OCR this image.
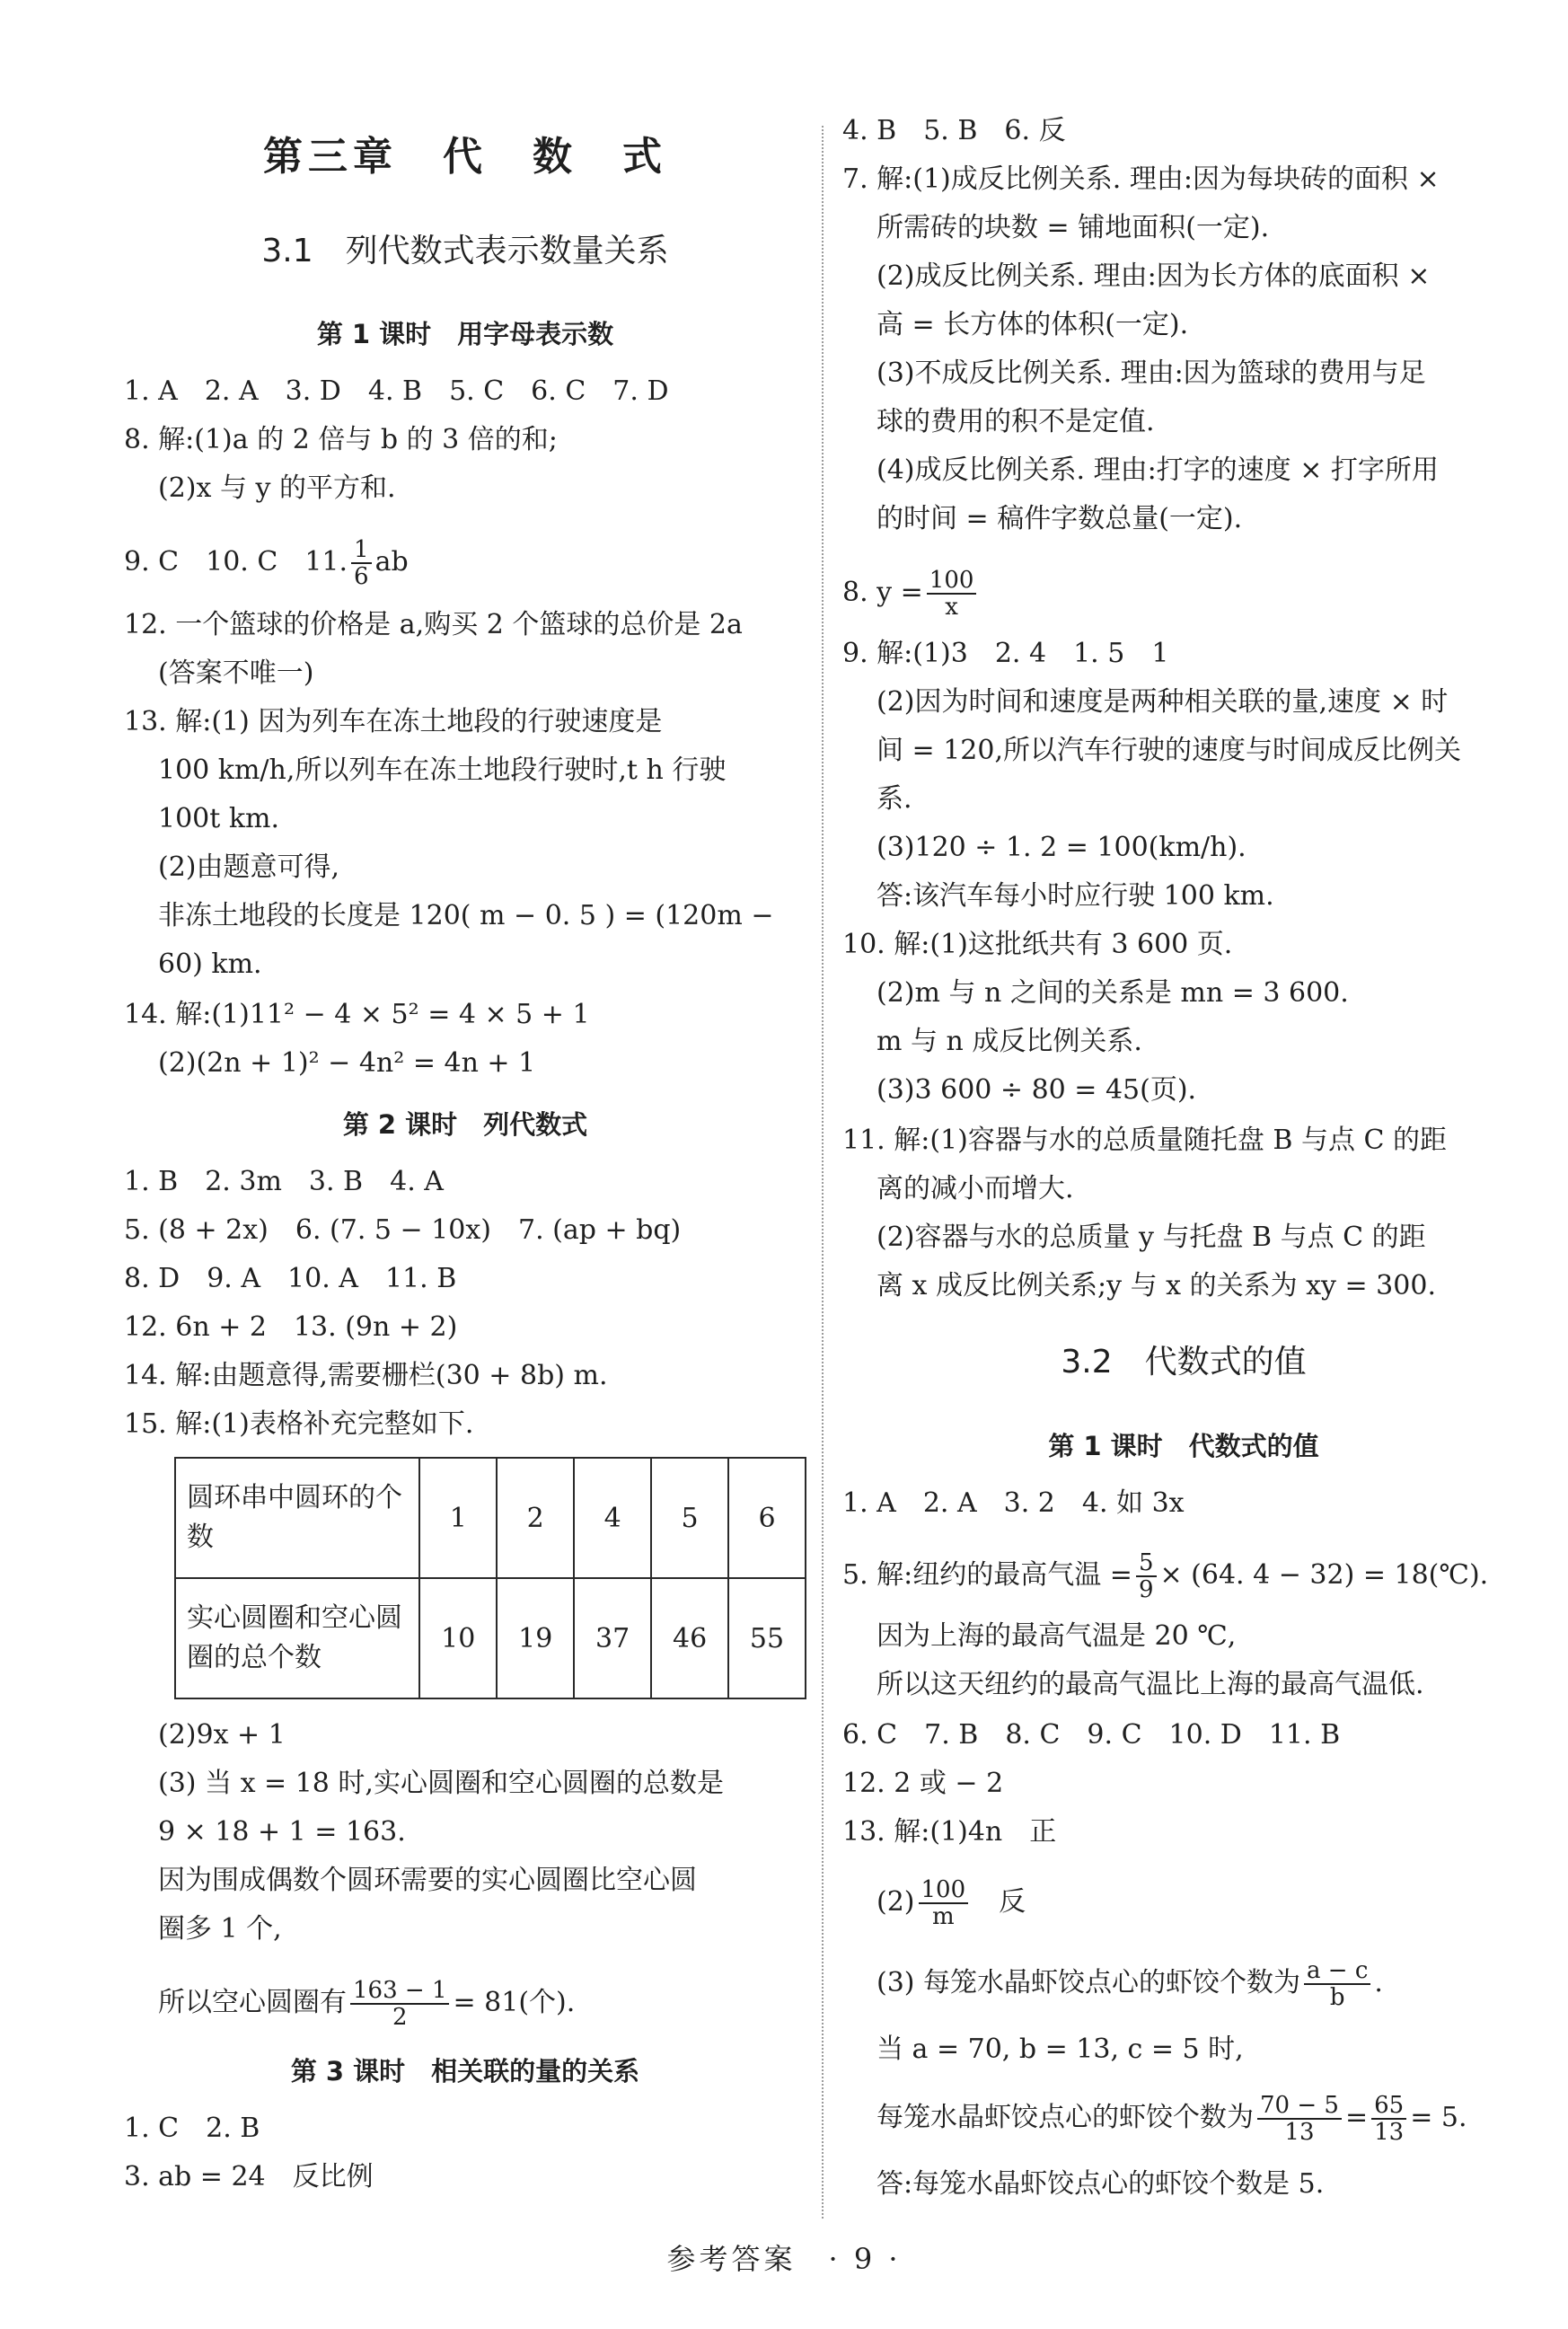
第三章　代　数　式
3.1　列代数式表示数量关系
第 1 课时　用字母表示数
1. A　2. A　3. D　4. B　5. C　6. C　7. D
8. 解:(1)a 的 2 倍与 b 的 3 倍的和;
(2)x 与 y 的平方和.
9. C　10. C　11. $\frac{1}{6}$ ab
12. 一个篮球的价格是 a,购买 2 个篮球的总价是 2a
(答案不唯一)
13. 解:(1) 因为列车在冻土地段的行驶速度是
100 km/h,所以列车在冻土地段行驶时,t h 行驶
100t km.
(2)由题意可得,
非冻土地段的长度是 120( m − 0. 5 ) = (120m −
60) km.
14. 解:(1)11² − 4 × 5² = 4 × 5 + 1
(2)(2n + 1)² − 4n² = 4n + 1
第 2 课时　列代数式
1. B　2. 3m　3. B　4. A
5. (8 + 2x)　6. (7. 5 − 10x)　7. (ap + bq)
8. D　9. A　10. A　11. B
12. 6n + 2　13. (9n + 2)
14. 解:由题意得,需要栅栏(30 + 8b) m.
15. 解:(1)表格补充完整如下.
圆环串中圆环的个数	1	2	4	5	6
实心圆圈和空心圆圈的总个数	10	19	37	46	55
(2)9x + 1
(3) 当 x = 18 时,实心圆圈和空心圆圈的总数是
9 × 18 + 1 = 163.
因为围成偶数个圆环需要的实心圆圈比空心圆
圈多 1 个,
所以空心圆圈有 $\frac{163 - 1}{2} = 81$(个).
第 3 课时　相关联的量的关系
1. C　2. B
3. ab = 24　反比例
4. B　5. B　6. 反
7. 解:(1)成反比例关系. 理由:因为每块砖的面积 ×
所需砖的块数 = 铺地面积(一定).
(2)成反比例关系. 理由:因为长方体的底面积 ×
高 = 长方体的体积(一定).
(3)不成反比例关系. 理由:因为篮球的费用与足
球的费用的积不是定值.
(4)成反比例关系. 理由:打字的速度 × 打字所用
的时间 = 稿件字数总量(一定).
8. $y = \frac{100}{x}$
9. 解:(1)3　2. 4　1. 5　1
(2)因为时间和速度是两种相关联的量,速度 × 时
间 = 120,所以汽车行驶的速度与时间成反比例关
系.
(3)120 ÷ 1. 2 = 100(km/h).
答:该汽车每小时应行驶 100 km.
10. 解:(1)这批纸共有 3 600 页.
(2)m 与 n 之间的关系是 mn = 3 600.
m 与 n 成反比例关系.
(3)3 600 ÷ 80 = 45(页).
11. 解:(1)容器与水的总质量随托盘 B 与点 C 的距
离的减小而增大.
(2)容器与水的总质量 y 与托盘 B 与点 C 的距
离 x 成反比例关系;y 与 x 的关系为 xy = 300.
3.2　代数式的值
第 1 课时　代数式的值
1. A　2. A　3. 2　4. 如 3x
5. 解:纽约的最高气温 = $\frac{5}{9} \times (64$. 4 − 32) = 18(℃).
因为上海的最高气温是 20 ℃,
所以这天纽约的最高气温比上海的最高气温低.
6. C　7. B　8. C　9. C　10. D　11. B
12. 2 或 − 2
13. 解:(1)4n　正
$(2) \frac{100}{m}$ 　反
(3) 每笼水晶虾饺点心的虾饺个数为 $\frac{a - c}{b}$ .
当 a = 70, b = 13, c = 5 时,
每笼水晶虾饺点心的虾饺个数为 $\frac{70 - 5}{13} = \frac{65}{13} = 5$.
答:每笼水晶虾饺点心的虾饺个数是 5.
参考答案　· 9 ·
